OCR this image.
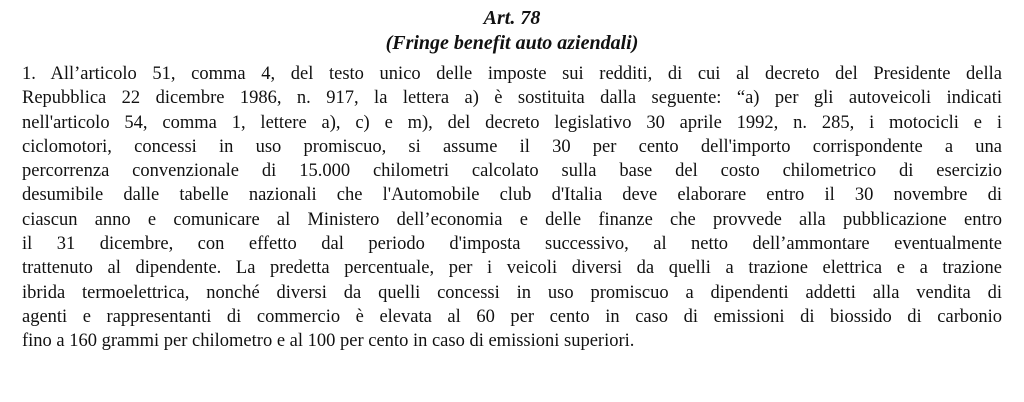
Art. 78
(Fringe benefit auto aziendali)

1. All’articolo 51, comma 4, del testo unico delle imposte sui redditi, di cui al decreto del Presidente della
Repubblica 22 dicembre 1986, n. 917, la lettera a) è sostituita dalla seguente: “a) per gli autoveicoli indicati
nell'articolo 54, comma 1, lettere a), c) e m), del decreto legislativo 30 aprile 1992, n. 285, i motocicli e i
ciclomotori, concessi in uso promiscuo, si assume il 30 per cento dell'importo corrispondente a una
percorrenza convenzionale di 15.000 chilometri calcolato sulla base del costo chilometrico di esercizio
desumibile dalle tabelle nazionali che l'Automobile club d'Italia deve elaborare entro il 30 novembre di
ciascun anno e comunicare al Ministero dell’economia e delle finanze che provvede alla pubblicazione entro
il 31 dicembre, con effetto dal periodo d'imposta successivo, al netto dell’ammontare eventualmente
trattenuto al dipendente. La predetta percentuale, per i veicoli diversi da quelli a trazione elettrica e a trazione
ibrida termoelettrica, nonché diversi da quelli concessi in uso promiscuo a dipendenti addetti alla vendita di
agenti e rappresentanti di commercio è elevata al 60 per cento in caso di emissioni di biossido di carbonio
fino a 160 grammi per chilometro e al 100 per cento in caso di emissioni superiori.
